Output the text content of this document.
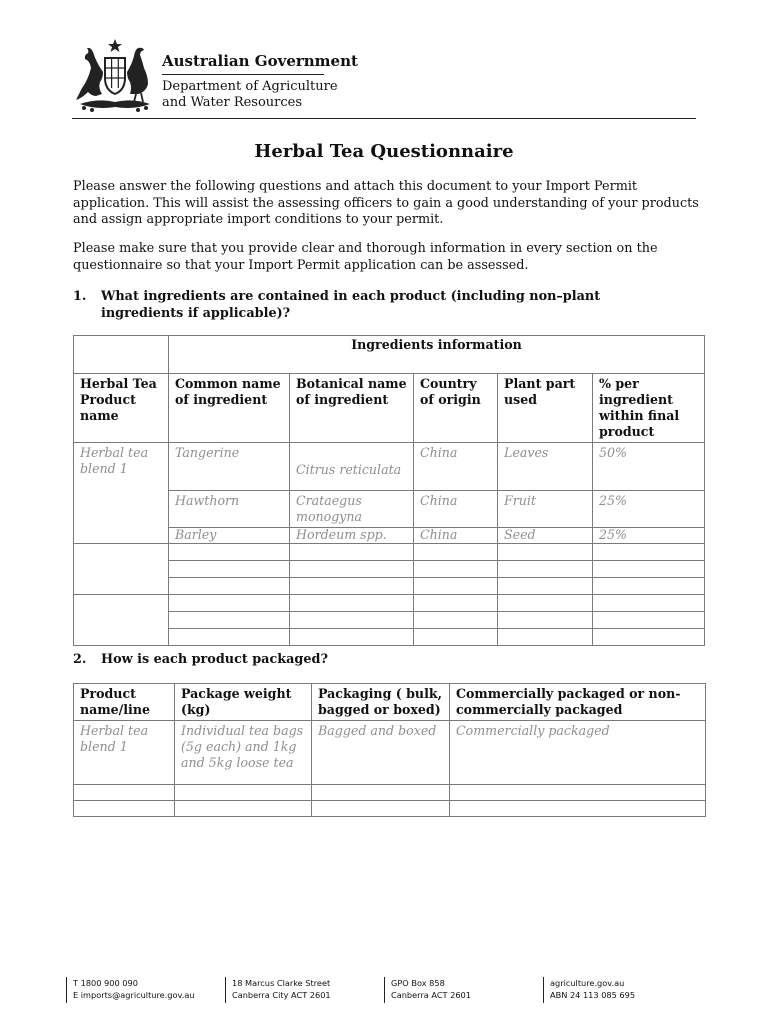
Australian Government
Department of Agriculture
and Water Resources
Herbal Tea Questionnaire
Please answer the following questions and attach this document to your Import Permit application. This will assist the assessing officers to gain a good understanding of your products and assign appropriate import conditions to your permit.
Please make sure that you provide clear and thorough information in every section on the questionnaire so that your Import Permit application can be assessed.
1. What ingredients are contained in each product (including non–plant ingredients if applicable)?
	Ingredients information				
Herbal Tea Product name	Common name of ingredient	Botanical name of ingredient	Country of origin	Plant part used	% per ingredient within final product
Herbal tea blend 1	Tangerine	Citrus reticulata	China	Leaves	50%
	Hawthorn	Crataegus monogyna	China	Fruit	25%
	Barley	Hordeum spp.	China	Seed	25%

2. How is each product packaged?
Product name/line	Package weight (kg)	Packaging ( bulk, bagged or boxed)	Commercially packaged or non-commercially packaged
Herbal tea blend 1	Individual tea bags (5g each) and 1kg and 5kg loose tea	Bagged and boxed	Commercially packaged

T 1800 900 090
E imports@agriculture.gov.au
18 Marcus Clarke Street
Canberra City ACT 2601
GPO Box 858
Canberra ACT 2601
agriculture.gov.au
ABN 24 113 085 695
